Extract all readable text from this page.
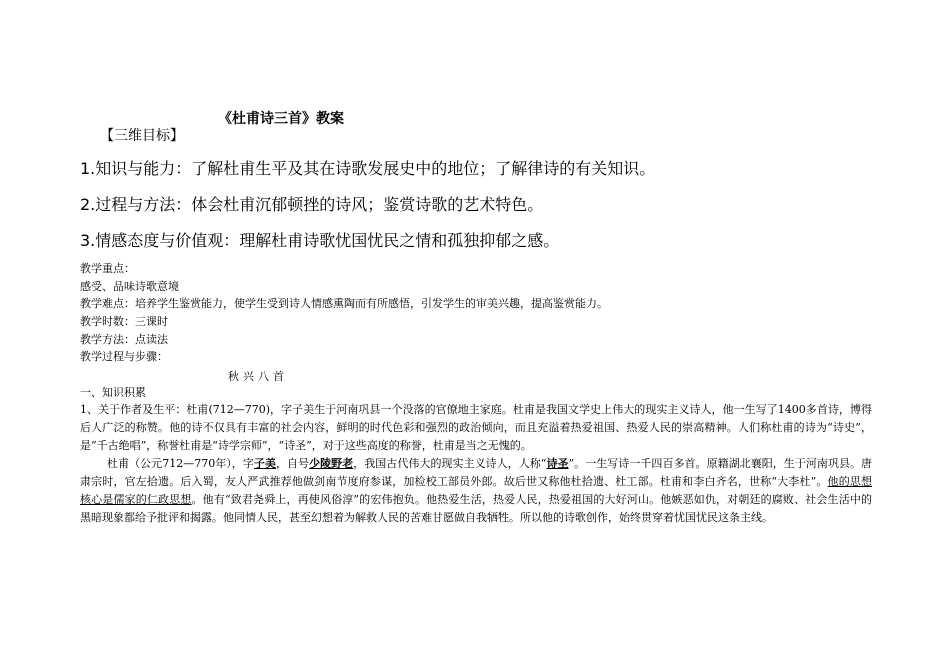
《杜甫诗三首》教案
【三维目标】
1.知识与能力：了解杜甫生平及其在诗歌发展史中的地位；了解律诗的有关知识。
2.过程与方法：体会杜甫沉郁顿挫的诗风；鉴赏诗歌的艺术特色。
3.情感态度与价值观：理解杜甫诗歌忧国忧民之情和孤独抑郁之感。
教学重点：
感受、品味诗歌意境
教学难点：培养学生鉴赏能力，使学生受到诗人情感熏陶而有所感悟，引发学生的审美兴趣，提高鉴赏能力。
教学时数：三课时
教学方法：点读法
教学过程与步骤：
秋兴八首
一、知识积累
1、关于作者及生平：杜甫(712—770)，字子美生于河南巩县一个没落的官僚地主家庭。杜甫是我国文学史上伟大的现实主义诗人，他一生写了1400多首诗，博得后人广泛的称赞。他的诗不仅具有丰富的社会内容，鲜明的时代色彩和强烈的政治倾向，而且充溢着热爱祖国、热爱人民的崇高精神。人们称杜甫的诗为“诗史”，是“千古绝唱”，称誉杜甫是“诗学宗师”，“诗圣”，对于这些高度的称誉，杜甫是当之无愧的。
杜甫（公元712—770年），字子美，自号少陵野老，我国古代伟大的现实主义诗人，人称“诗圣”。一生写诗一千四百多首。原籍湖北襄阳，生于河南巩县。唐肃宗时，官左拾遗。后入蜀，友人严武推荐他做剑南节度府参谋，加检校工部员外郎。故后世又称他杜拾遗、杜工部。杜甫和李白齐名，世称“大李杜”。他的思想核心是儒家的仁政思想。他有“致君尧舜上，再使风俗淳”的宏伟抱负。他热爱生活，热爱人民，热爱祖国的大好河山。他嫉恶如仇，对朝廷的腐败、社会生活中的黑暗现象都给予批评和揭露。他同情人民，甚至幻想着为解救人民的苦难甘愿做自我牺牲。所以他的诗歌创作，始终贯穿着忧国忧民这条主线。
